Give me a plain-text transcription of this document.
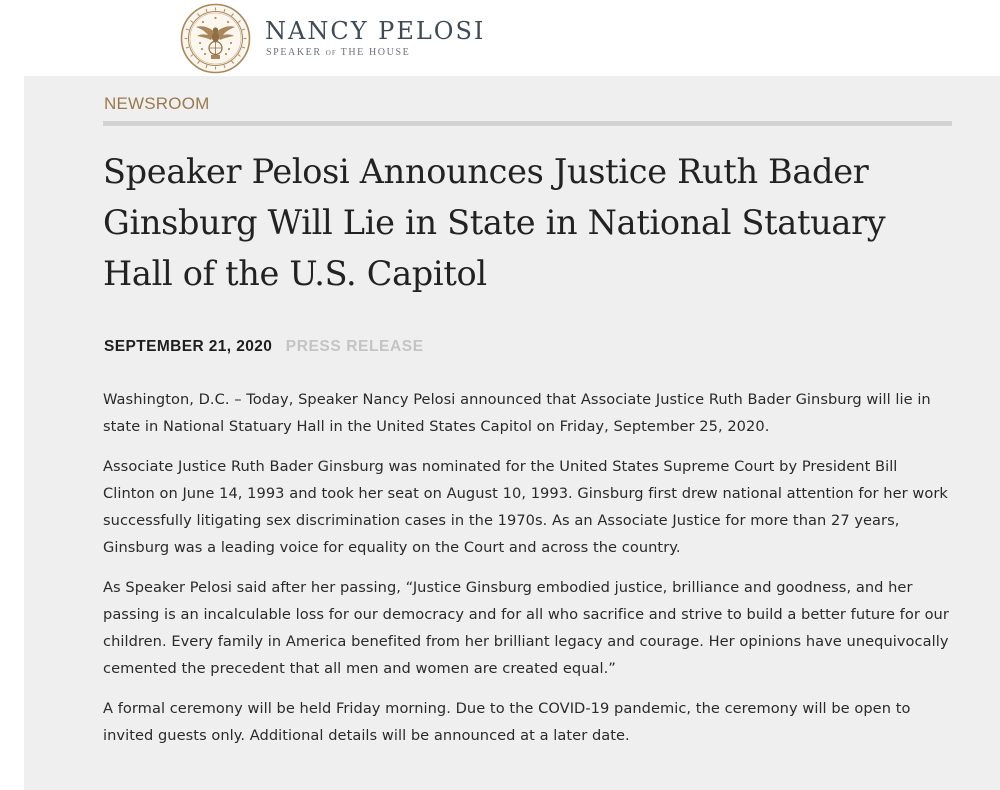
NANCY PELOSI
SPEAKER OF THE HOUSE
NEWSROOM
Speaker Pelosi Announces Justice Ruth Bader Ginsburg Will Lie in State in National Statuary Hall of the U.S. Capitol
SEPTEMBER 21, 2020 PRESS RELEASE

Washington, D.C. – Today, Speaker Nancy Pelosi announced that Associate Justice Ruth Bader Ginsburg will lie in state in National Statuary Hall in the United States Capitol on Friday, September 25, 2020.

Associate Justice Ruth Bader Ginsburg was nominated for the United States Supreme Court by President Bill Clinton on June 14, 1993 and took her seat on August 10, 1993. Ginsburg first drew national attention for her work successfully litigating sex discrimination cases in the 1970s. As an Associate Justice for more than 27 years, Ginsburg was a leading voice for equality on the Court and across the country.

As Speaker Pelosi said after her passing, “Justice Ginsburg embodied justice, brilliance and goodness, and her passing is an incalculable loss for our democracy and for all who sacrifice and strive to build a better future for our children. Every family in America benefited from her brilliant legacy and courage. Her opinions have unequivocally cemented the precedent that all men and women are created equal.”

A formal ceremony will be held Friday morning. Due to the COVID-19 pandemic, the ceremony will be open to invited guests only. Additional details will be announced at a later date.
